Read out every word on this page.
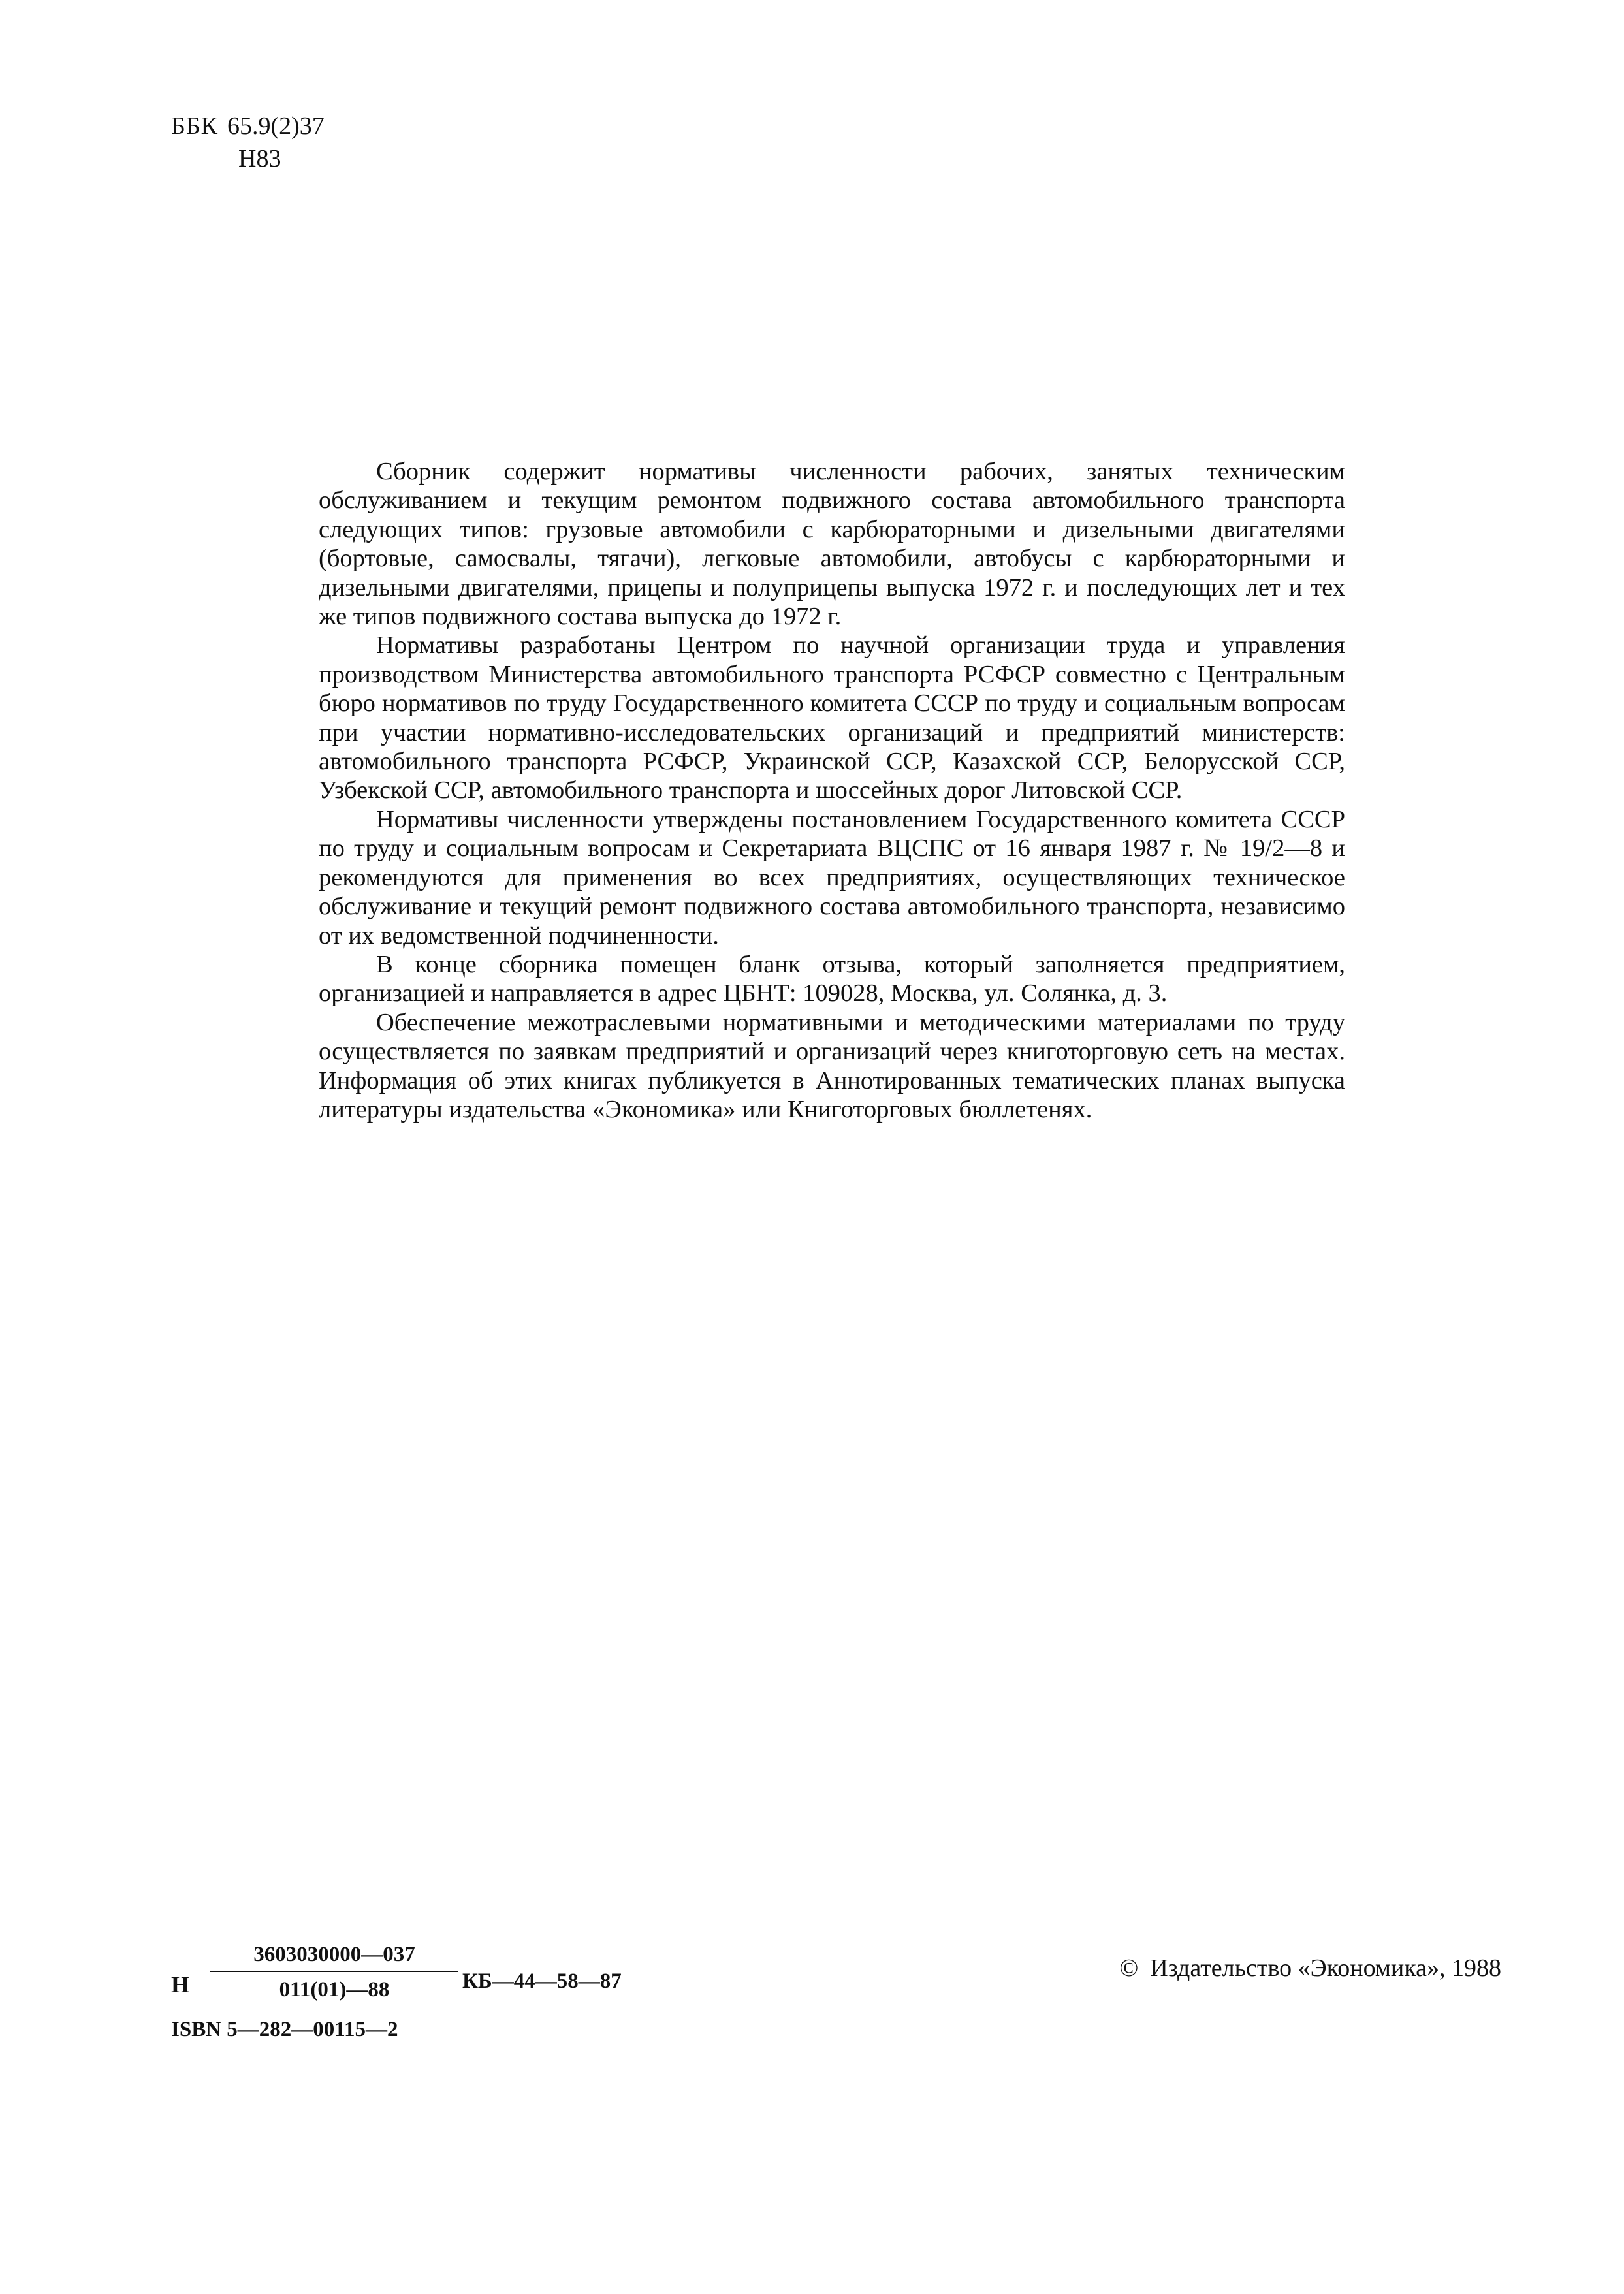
ББК 65.9(2)37
Н83

Сборник содержит нормативы численности рабочих, занятых техническим обслуживанием и текущим ремонтом подвижного состава автомобильного транспорта следующих типов: грузовые автомобили с карбюраторными и дизельными двигателями (бортовые, самосвалы, тягачи), легковые автомобили, автобусы с карбюраторными и дизельными двигателями, прицепы и полуприцепы выпуска 1972 г. и последующих лет и тех же типов подвижного состава выпуска до 1972 г.

Нормативы разработаны Центром по научной организации труда и управления производством Министерства автомобильного транспорта РСФСР совместно с Центральным бюро нормативов по труду Государственного комитета СССР по труду и социальным вопросам при участии нормативно-исследовательских организаций и предприятий министерств: автомобильного транспорта РСФСР, Украинской ССР, Казахской ССР, Белорусской ССР, Узбекской ССР, автомобильного транспорта и шоссейных дорог Литовской ССР.

Нормативы численности утверждены постановлением Государственного комитета СССР по труду и социальным вопросам и Секретариата ВЦСПС от 16 января 1987 г. № 19/2—8 и рекомендуются для применения во всех предприятиях, осуществляющих техническое обслуживание и текущий ремонт подвижного состава автомобильного транспорта, независимо от их ведомственной подчиненности.

В конце сборника помещен бланк отзыва, который заполняется предприятием, организацией и направляется в адрес ЦБНТ: 109028, Москва, ул. Солянка, д. 3.

Обеспечение межотраслевыми нормативными и методическими материалами по труду осуществляется по заявкам предприятий и организаций через книготорговую сеть на местах. Информация об этих книгах публикуется в Аннотированных тематических планах выпуска литературы издательства «Экономика» или Книготорговых бюллетенях.

Н
3603030000—037
011(01)—88	КБ—44—58—87
ISBN 5—282—00115—2
© Издательство «Экономика», 1988
